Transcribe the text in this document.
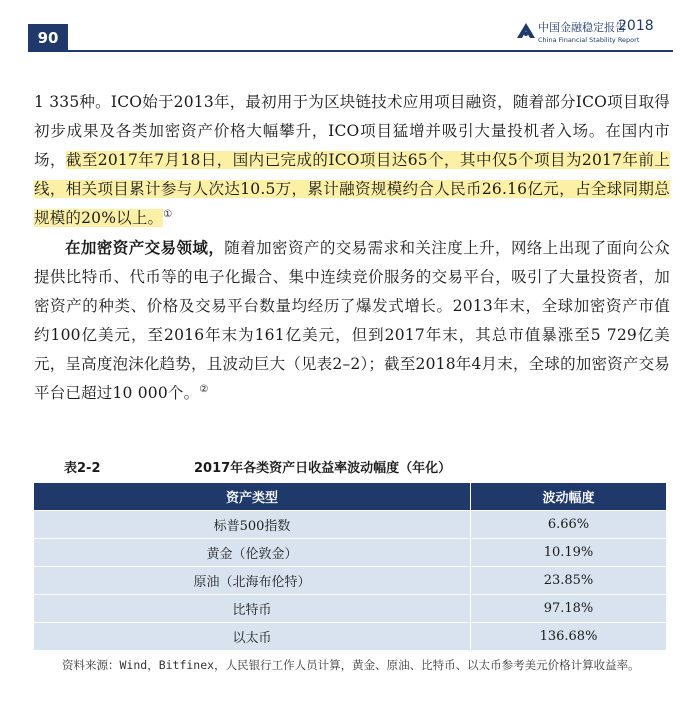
90
中国金融稳定报告
2018
China Financial Stability Report

1 335种。ICO始于2013年，最初用于为区块链技术应用项目融资，随着部分ICO项目取得初步成果及各类加密资产价格大幅攀升，ICO项目猛增并吸引大量投机者入场。在国内市场，截至2017年7月18日，国内已完成的ICO项目达65个，其中仅5个项目为2017年前上线，相关项目累计参与人次达10.5万，累计融资规模约合人民币26.16亿元，占全球同期总规模的20%以上。①

在加密资产交易领域，随着加密资产的交易需求和关注度上升，网络上出现了面向公众提供比特币、代币等的电子化撮合、集中连续竞价服务的交易平台，吸引了大量投资者，加密资产的种类、价格及交易平台数量均经历了爆发式增长。2013年末，全球加密资产市值约100亿美元，至2016年末为161亿美元，但到2017年末，其总市值暴涨至5 729亿美元，呈高度泡沫化趋势，且波动巨大（见表2–2）；截至2018年4月末，全球的加密资产交易平台已超过10 000个。②

表2-2	2017年各类资产日收益率波动幅度（年化）
资产类型	波动幅度
标普500指数	6.66%
黄金（伦敦金）	10.19%
原油（北海布伦特）	23.85%
比特币	97.18%
以太币	136.68%
资料来源：Wind，Bitfinex，人民银行工作人员计算，黄金、原油、比特币、以太币参考美元价格计算收益率。
